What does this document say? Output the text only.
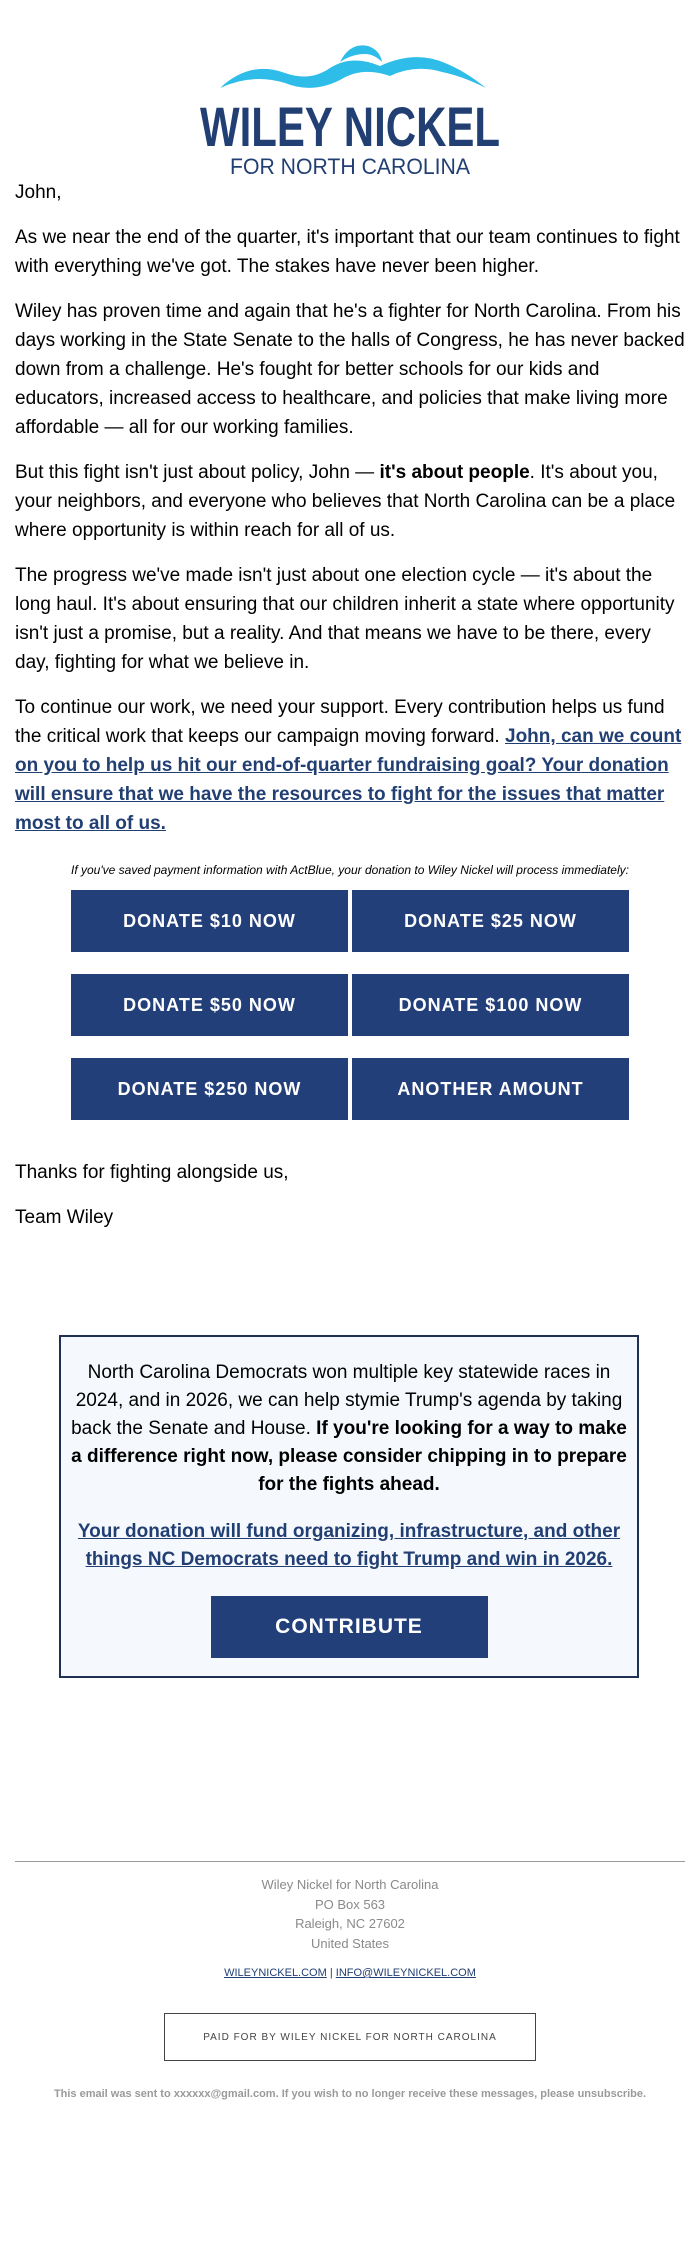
WILEY NICKEL
FOR NORTH CAROLINA

John,

As we near the end of the quarter, it's important that our team continues to fight with everything we've got. The stakes have never been higher.

Wiley has proven time and again that he's a fighter for North Carolina. From his days working in the State Senate to the halls of Congress, he has never backed down from a challenge. He's fought for better schools for our kids and educators, increased access to healthcare, and policies that make living more affordable — all for our working families.

But this fight isn't just about policy, John — it's about people. It's about you, your neighbors, and everyone who believes that North Carolina can be a place where opportunity is within reach for all of us.

The progress we've made isn't just about one election cycle — it's about the long haul. It's about ensuring that our children inherit a state where opportunity isn't just a promise, but a reality. And that means we have to be there, every day, fighting for what we believe in.

To continue our work, we need your support. Every contribution helps us fund the critical work that keeps our campaign moving forward. John, can we count on you to help us hit our end-of-quarter fundraising goal? Your donation will ensure that we have the resources to fight for the issues that matter most to all of us.

If you've saved payment information with ActBlue, your donation to Wiley Nickel will process immediately:

DONATE $10 NOW	DONATE $25 NOW
DONATE $50 NOW	DONATE $100 NOW
DONATE $250 NOW	ANOTHER AMOUNT

Thanks for fighting alongside us,

Team Wiley

North Carolina Democrats won multiple key statewide races in 2024, and in 2026, we can help stymie Trump's agenda by taking back the Senate and House. If you're looking for a way to make a difference right now, please consider chipping in to prepare for the fights ahead.

Your donation will fund organizing, infrastructure, and other things NC Democrats need to fight Trump and win in 2026.
CONTRIBUTE
Wiley Nickel for North Carolina
PO Box 563
Raleigh, NC 27602
United States
WILEYNICKEL.COM | INFO@WILEYNICKEL.COM
PAID FOR BY WILEY NICKEL FOR NORTH CAROLINA
This email was sent to xxxxxx@gmail.com. If you wish to no longer receive these messages, please unsubscribe.
